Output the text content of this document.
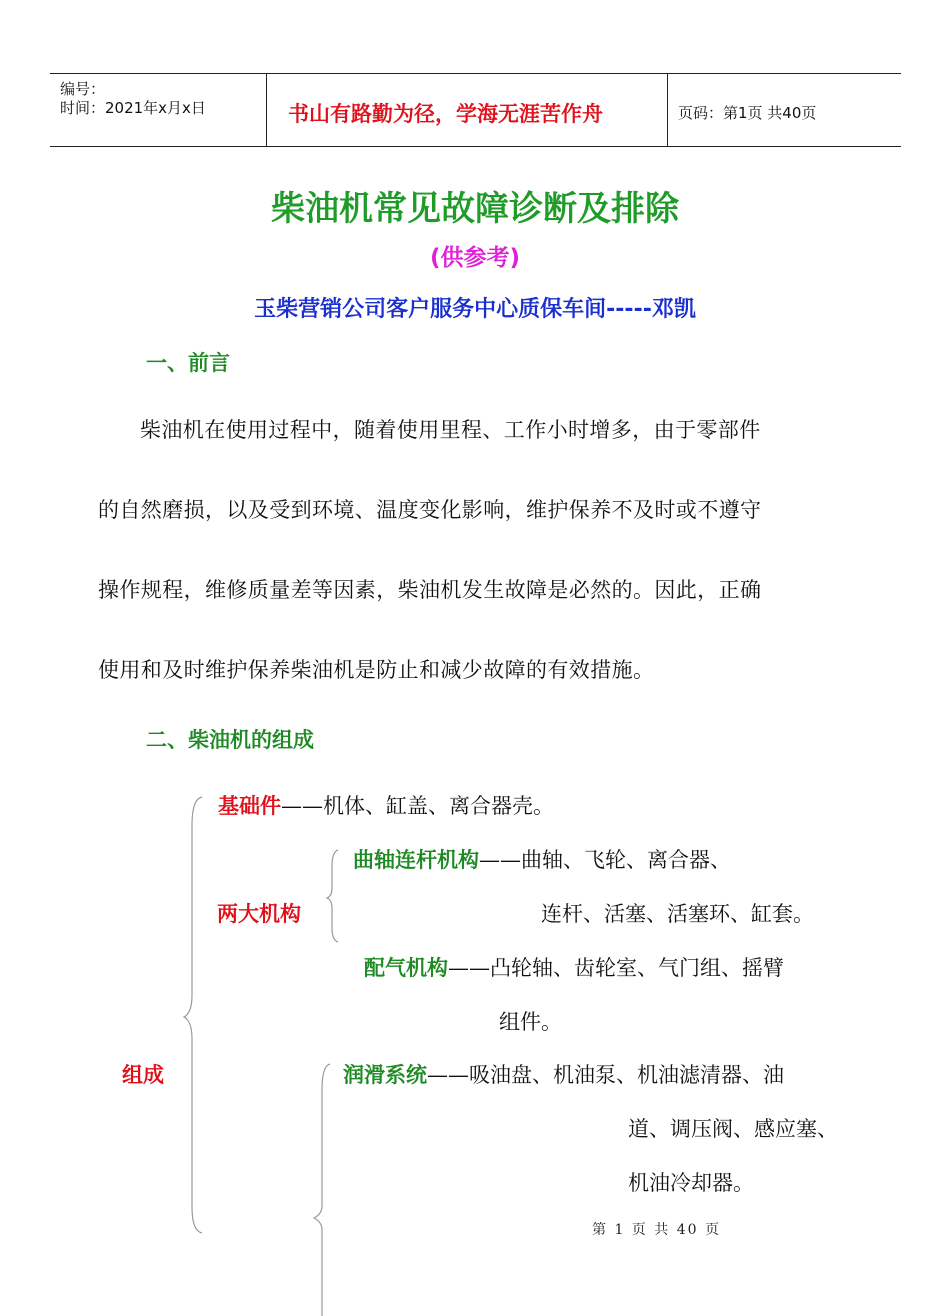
编号：
时间：2021年x月x日	书山有路勤为径，学海无涯苦作舟	页码：第1页 共40页
柴油机常见故障诊断及排除
(供参考)
玉柴营销公司客户服务中心质保车间-----邓凯
一、前言
柴油机在使用过程中，随着使用里程、工作小时增多，由于零部件
的自然磨损，以及受到环境、温度变化影响，维护保养不及时或不遵守
操作规程，维修质量差等因素，柴油机发生故障是必然的。因此，正确
使用和及时维护保养柴油机是防止和减少故障的有效措施。
二、柴油机的组成
组成
基础件——机体、缸盖、离合器壳。
两大机构
曲轴连杆机构——曲轴、飞轮、离合器、
连杆、活塞、活塞环、缸套。
配气机构——凸轮轴、齿轮室、气门组、摇臂
组件。
润滑系统——吸油盘、机油泵、机油滤清器、油
道、调压阀、感应塞、
机油冷却器。
第 1 页 共 40 页
